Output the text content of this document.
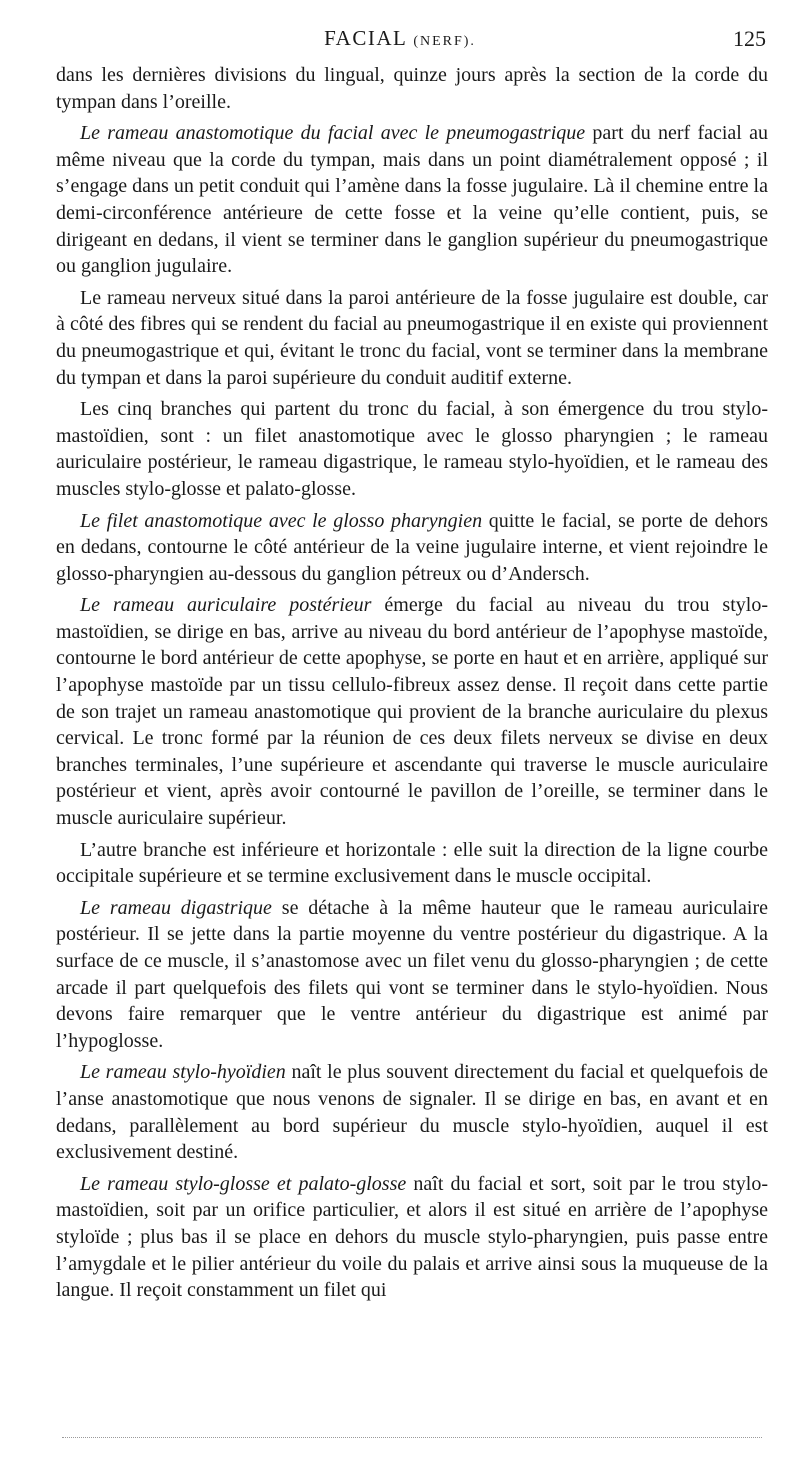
FACIAL (NERF).	125

dans les dernières divisions du lingual, quinze jours après la section de la corde du tympan dans l’oreille.

Le rameau anastomotique du facial avec le pneumogastrique part du nerf facial au même niveau que la corde du tympan, mais dans un point diamétralement opposé ; il s’engage dans un petit conduit qui l’amène dans la fosse jugulaire. Là il chemine entre la demi-circonférence antérieure de cette fosse et la veine qu’elle contient, puis, se dirigeant en dedans, il vient se terminer dans le ganglion supérieur du pneumogastrique ou ganglion jugulaire.

Le rameau nerveux situé dans la paroi antérieure de la fosse jugulaire est double, car à côté des fibres qui se rendent du facial au pneumogastrique il en existe qui proviennent du pneumogastrique et qui, évitant le tronc du facial, vont se terminer dans la membrane du tympan et dans la paroi supérieure du conduit auditif externe.

Les cinq branches qui partent du tronc du facial, à son émergence du trou stylo-mastoïdien, sont : un filet anastomotique avec le glosso pharyngien ; le rameau auriculaire postérieur, le rameau digastrique, le rameau stylo-hyoïdien, et le rameau des muscles stylo-glosse et palato-glosse.

Le filet anastomotique avec le glosso pharyngien quitte le facial, se porte de dehors en dedans, contourne le côté antérieur de la veine jugulaire interne, et vient rejoindre le glosso-pharyngien au-dessous du ganglion pétreux ou d’Andersch.

Le rameau auriculaire postérieur émerge du facial au niveau du trou stylo-mastoïdien, se dirige en bas, arrive au niveau du bord antérieur de l’apophyse mastoïde, contourne le bord antérieur de cette apophyse, se porte en haut et en arrière, appliqué sur l’apophyse mastoïde par un tissu cellulo-fibreux assez dense. Il reçoit dans cette partie de son trajet un rameau anastomotique qui provient de la branche auriculaire du plexus cervical. Le tronc formé par la réunion de ces deux filets nerveux se divise en deux branches terminales, l’une supérieure et ascendante qui traverse le muscle auriculaire postérieur et vient, après avoir contourné le pavillon de l’oreille, se terminer dans le muscle auriculaire supérieur.

L’autre branche est inférieure et horizontale : elle suit la direction de la ligne courbe occipitale supérieure et se termine exclusivement dans le muscle occipital.

Le rameau digastrique se détache à la même hauteur que le rameau auriculaire postérieur. Il se jette dans la partie moyenne du ventre postérieur du digastrique. A la surface de ce muscle, il s’anastomose avec un filet venu du glosso-pharyngien ; de cette arcade il part quelquefois des filets qui vont se terminer dans le stylo-hyoïdien. Nous devons faire remarquer que le ventre antérieur du digastrique est animé par l’hypoglosse.

Le rameau stylo-hyoïdien naît le plus souvent directement du facial et quelquefois de l’anse anastomotique que nous venons de signaler. Il se dirige en bas, en avant et en dedans, parallèlement au bord supérieur du muscle stylo-hyoïdien, auquel il est exclusivement destiné.

Le rameau stylo-glosse et palato-glosse naît du facial et sort, soit par le trou stylo-mastoïdien, soit par un orifice particulier, et alors il est situé en arrière de l’apophyse styloïde ; plus bas il se place en dehors du muscle stylo-pharyngien, puis passe entre l’amygdale et le pilier antérieur du voile du palais et arrive ainsi sous la muqueuse de la langue. Il reçoit constamment un filet qui
